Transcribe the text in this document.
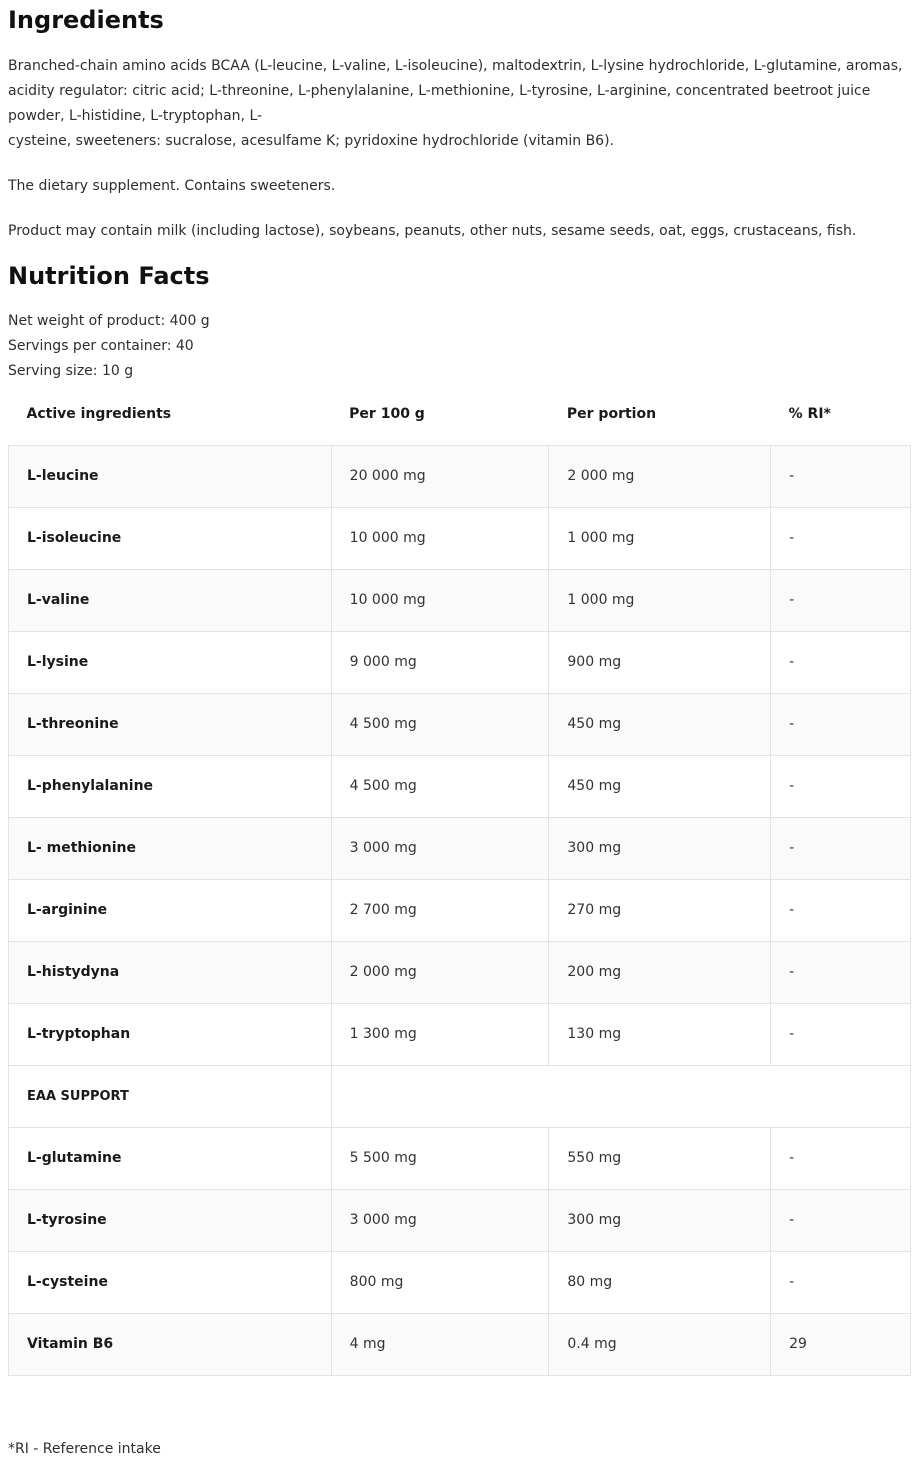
Ingredients
Branched-chain amino acids BCAA (L-leucine, L-valine, L-isoleucine), maltodextrin, L-lysine hydrochloride, L-glutamine, aromas,
acidity regulator: citric acid; L-threonine, L-phenylalanine, L-methionine, L-tyrosine, L-arginine, concentrated beetroot juice
powder, L-histidine, L-tryptophan, L-
cysteine, sweeteners: sucralose, acesulfame K; pyridoxine hydrochloride (vitamin B6).
The dietary supplement. Contains sweeteners.
Product may contain milk (including lactose), soybeans, peanuts, other nuts, sesame seeds, oat, eggs, crustaceans, fish.
Nutrition Facts
Net weight of product: 400 g
Servings per container: 40
Serving size: 10 g
Active ingredients	Per 100 g	Per portion	% RI*
L-leucine	20 000 mg	2 000 mg	-
L-isoleucine	10 000 mg	1 000 mg	-
L-valine	10 000 mg	1 000 mg	-
L-lysine	9 000 mg	900 mg	-
L-threonine	4 500 mg	450 mg	-
L-phenylalanine	4 500 mg	450 mg	-
L- methionine	3 000 mg	300 mg	-
L-arginine	2 700 mg	270 mg	-
L-histydyna	2 000 mg	200 mg	-
L-tryptophan	1 300 mg	130 mg	-
EAA SUPPORT			
L-glutamine	5 500 mg	550 mg	-
L-tyrosine	3 000 mg	300 mg	-
L-cysteine	800 mg	80 mg	-
Vitamin B6	4 mg	0.4 mg	29
*RI - Reference intake
